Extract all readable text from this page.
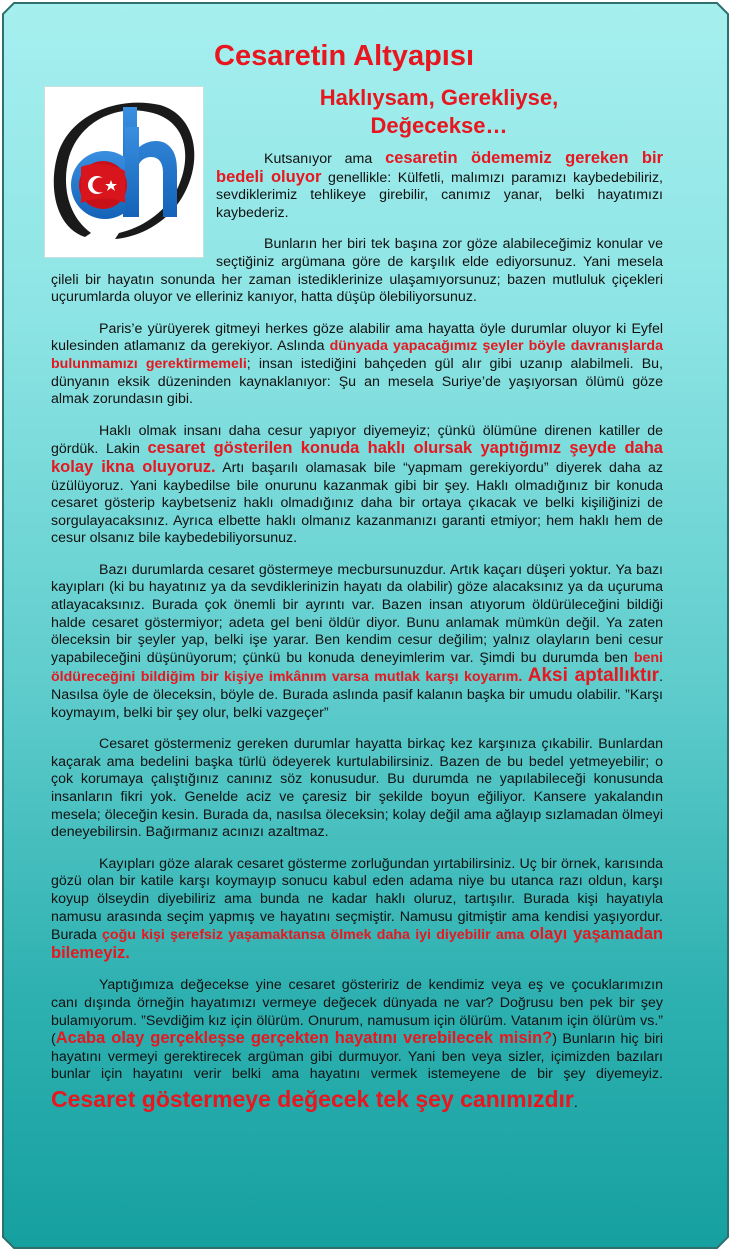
Cesaretin Altyapısı
Haklıysam, Gerekliyse,
Değecekse…

Kutsanıyor ama cesaretin ödememiz gereken bir bedeli oluyor genellikle: Külfetli, malımızı paramızı kaybedebiliriz, sevdiklerimiz tehlikeye girebilir, canımız yanar, belki hayatımızı kaybederiz.

Bunların her biri tek başına zor göze alabileceğimiz konular ve seçtiğiniz argümana göre de karşılık elde ediyorsunuz. Yani mesela çileli bir hayatın sonunda her zaman istediklerinize ulaşamıyorsunuz; bazen mutluluk çiçekleri uçurumlarda oluyor ve elleriniz kanıyor, hatta düşüp ölebiliyorsunuz.

Paris’e yürüyerek gitmeyi herkes göze alabilir ama hayatta öyle durumlar oluyor ki Eyfel kulesinden atlamanız da gerekiyor. Aslında dünyada yapacağımız şeyler böyle davranışlarda bulunmamızı gerektirmemeli; insan istediğini bahçeden gül alır gibi uzanıp alabilmeli. Bu, dünyanın eksik düzeninden kaynaklanıyor: Şu an mesela Suriye’de yaşıyorsan ölümü göze almak zorundasın gibi.

Haklı olmak insanı daha cesur yapıyor diyemeyiz; çünkü ölümüne direnen katiller de gördük. Lakin cesaret gösterilen konuda haklı olursak yaptığımız şeyde daha kolay ikna oluyoruz. Artı başarılı olamasak bile “yapmam gerekiyordu” diyerek daha az üzülüyoruz. Yani kaybedilse bile onurunu kazanmak gibi bir şey. Haklı olmadığınız bir konuda cesaret gösterip kaybetseniz haklı olmadığınız daha bir ortaya çıkacak ve belki kişiliğinizi de sorgulayacaksınız. Ayrıca elbette haklı olmanız kazanmanızı garanti etmiyor; hem haklı hem de cesur olsanız bile kaybedebiliyorsunuz.

Bazı durumlarda cesaret göstermeye mecbursunuzdur. Artık kaçarı düşeri yoktur. Ya bazı kayıpları (ki bu hayatınız ya da sevdiklerinizin hayatı da olabilir) göze alacaksınız ya da uçuruma atlayacaksınız. Burada çok önemli bir ayrıntı var. Bazen insan atıyorum öldürüleceğini bildiği halde cesaret göstermiyor; adeta gel beni öldür diyor. Bunu anlamak mümkün değil. Ya zaten öleceksin bir şeyler yap, belki işe yarar. Ben kendim cesur değilim; yalnız olayların beni cesur yapabileceğini düşünüyorum; çünkü bu konuda deneyimlerim var. Şimdi bu durumda ben beni öldüreceğini bildiğim bir kişiye imkânım varsa mutlak karşı koyarım. Aksi aptallıktır. Nasılsa öyle de öleceksin, böyle de. Burada aslında pasif kalanın başka bir umudu olabilir. ”Karşı koymayım, belki bir şey olur, belki vazgeçer”

Cesaret göstermeniz gereken durumlar hayatta birkaç kez karşınıza çıkabilir. Bunlardan kaçarak ama bedelini başka türlü ödeyerek kurtulabilirsiniz. Bazen de bu bedel yetmeyebilir; o çok korumaya çalıştığınız canınız söz konusudur. Bu durumda ne yapılabileceği konusunda insanların fikri yok. Genelde aciz ve çaresiz bir şekilde boyun eğiliyor. Kansere yakalandın mesela; öleceğin kesin. Burada da, nasılsa öleceksin; kolay değil ama ağlayıp sızlamadan ölmeyi deneyebilirsin. Bağırmanız acınızı azaltmaz.

Kayıpları göze alarak cesaret gösterme zorluğundan yırtabilirsiniz. Uç bir örnek, karısında gözü olan bir katile karşı koymayıp sonucu kabul eden adama niye bu utanca razı oldun, karşı koyup ölseydin diyebiliriz ama bunda ne kadar haklı oluruz, tartışılır. Burada kişi hayatıyla namusu arasında seçim yapmış ve hayatını seçmiştir. Namusu gitmiştir ama kendisi yaşıyordur. Burada çoğu kişi şerefsiz yaşamaktansa ölmek daha iyi diyebilir ama olayı yaşamadan bilemeyiz.

Yaptığımıza değecekse yine cesaret gösteririz de kendimiz veya eş ve çocuklarımızın canı dışında örneğin hayatımızı vermeye değecek dünyada ne var? Doğrusu ben pek bir şey bulamıyorum. ”Sevdiğim kız için ölürüm. Onurum, namusum için ölürüm. Vatanım için ölürüm vs.” (Acaba olay gerçekleşse gerçekten hayatını verebilecek misin?) Bunların hiç biri hayatını vermeyi gerektirecek argüman gibi durmuyor. Yani ben veya sizler, içimizden bazıları bunlar için hayatını verir belki ama hayatını vermek istemeyene de bir şey diyemeyiz. Cesaret göstermeye değecek tek şey canımızdır.
